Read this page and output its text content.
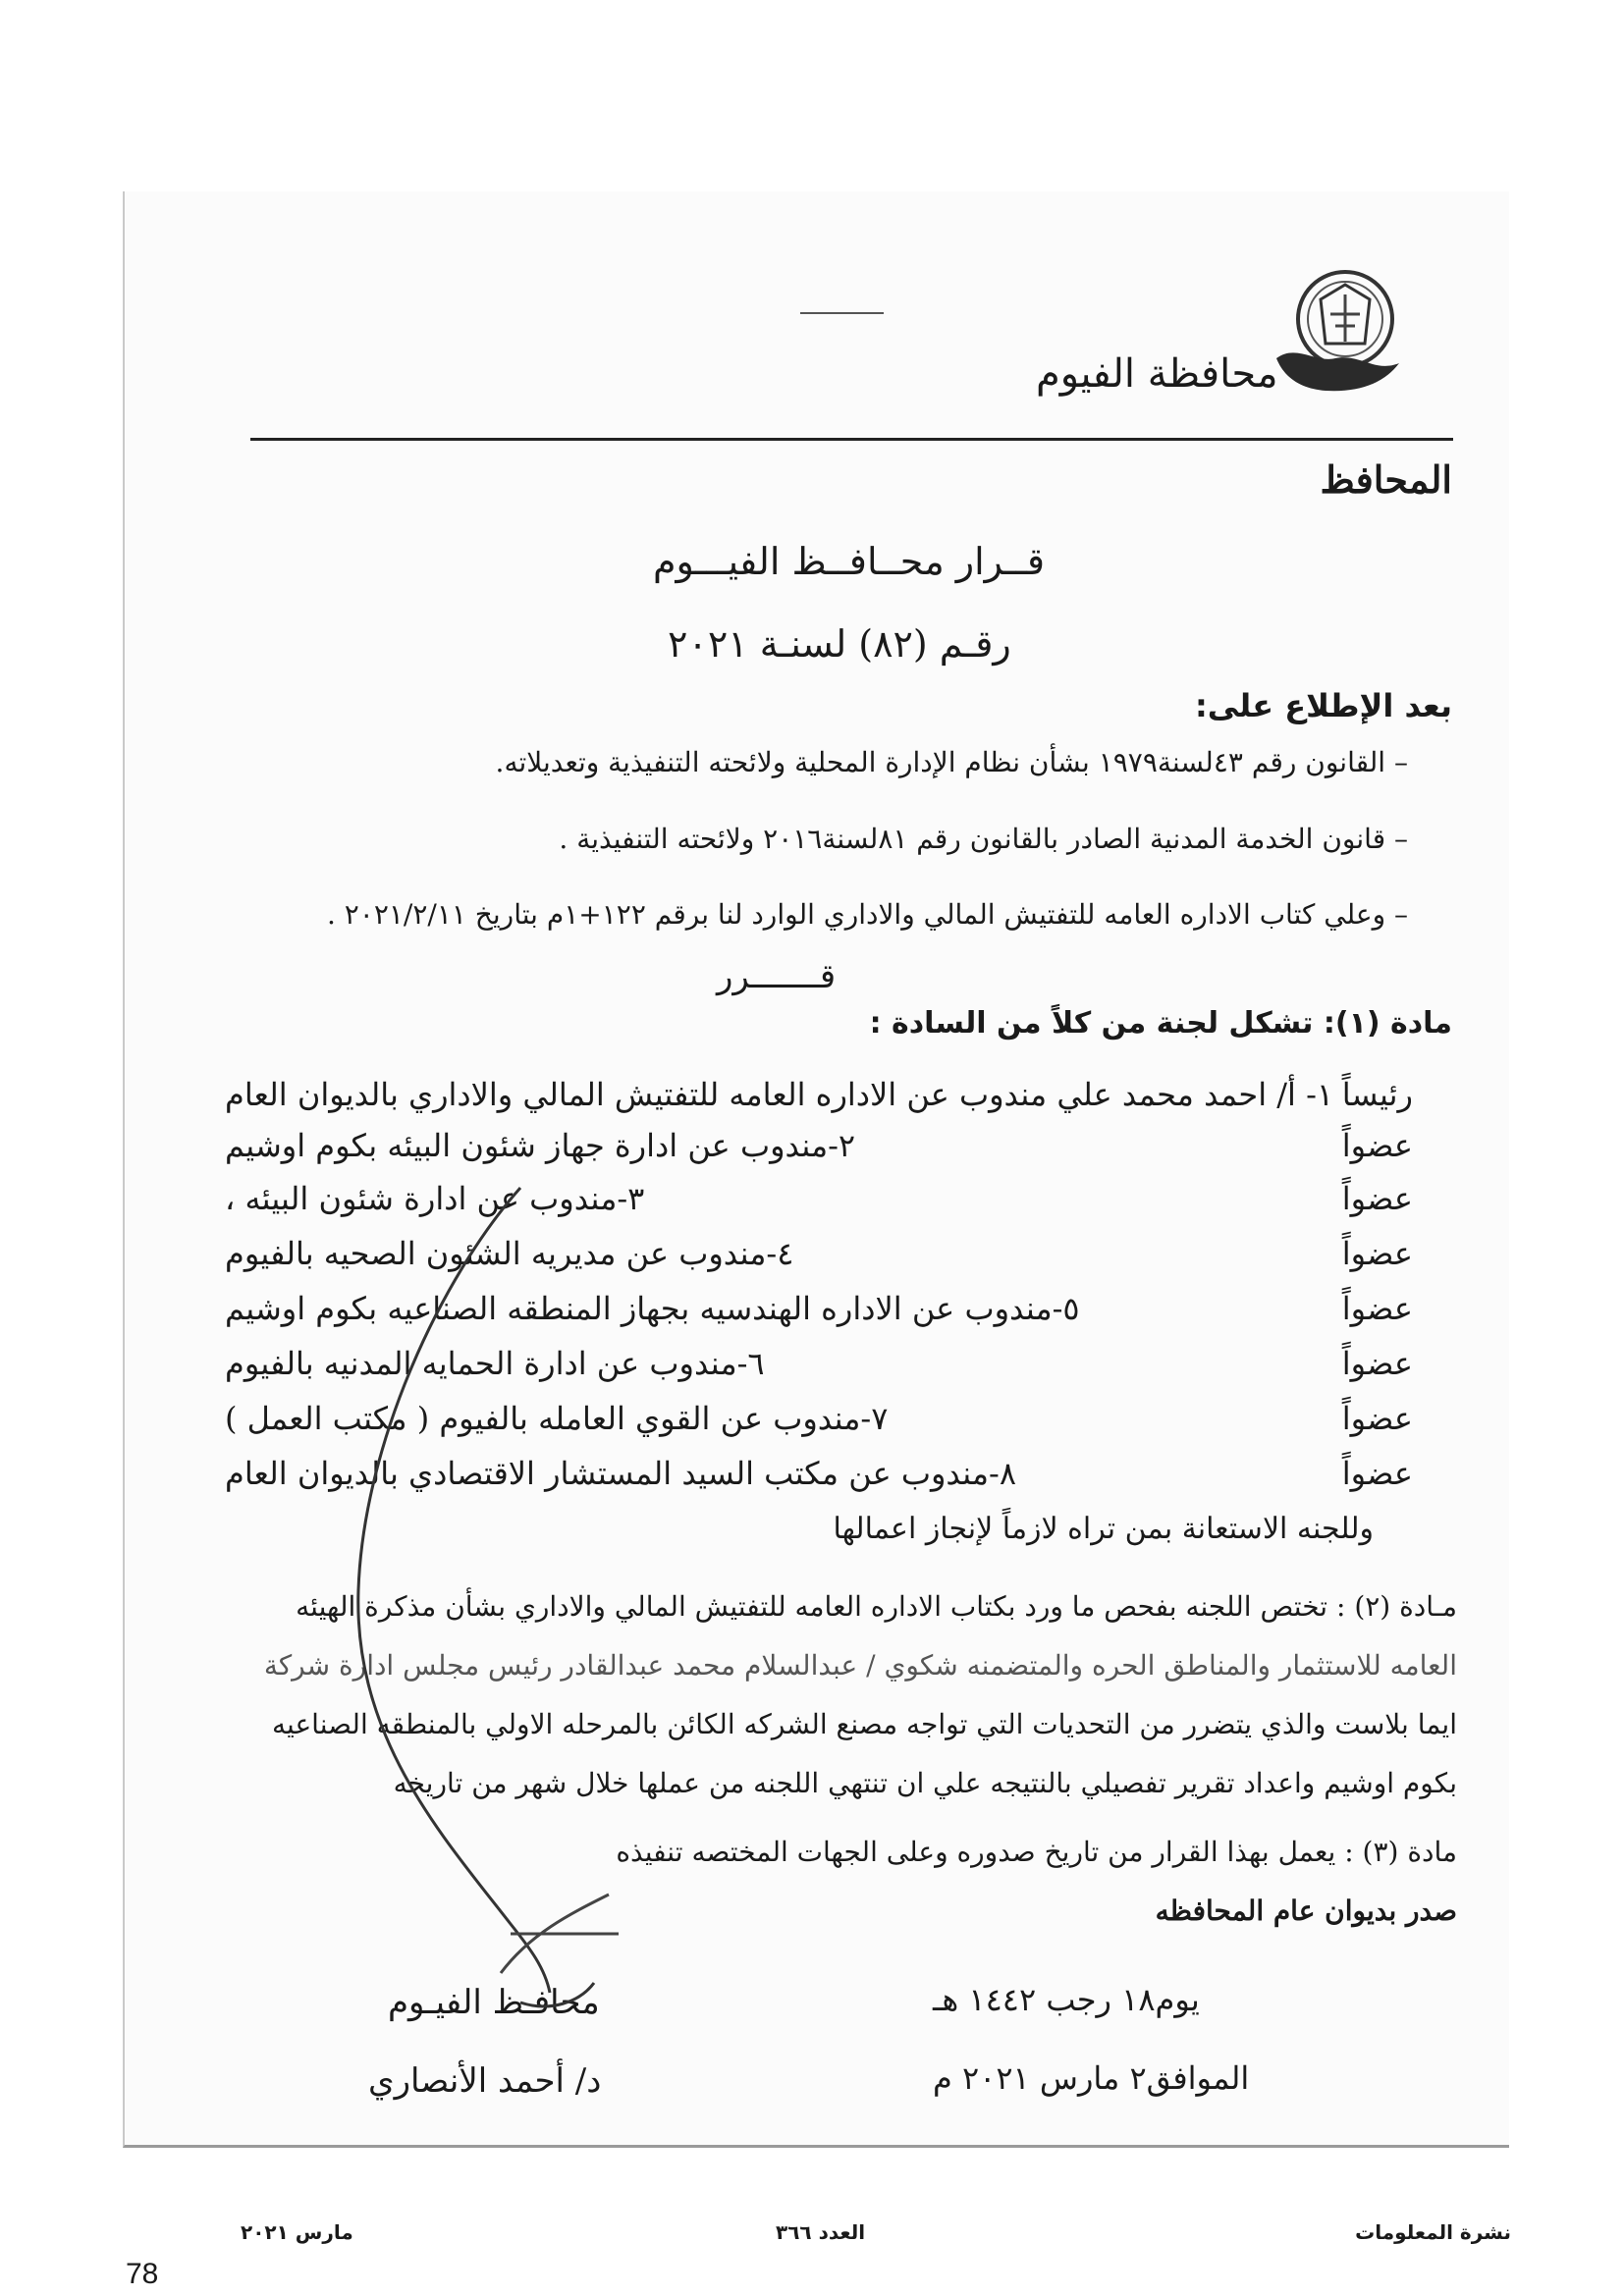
محافظة الفيوم
المحافظ
قــرار محــافــظ الفيـــوم
رقـم (٨٢) لسنـة ٢٠٢١
بعد الإطلاع على:
– القانون رقم ٤٣لسنة١٩٧٩ بشأن نظام الإدارة المحلية ولائحته التنفيذية وتعديلاته.
– قانون الخدمة المدنية الصادر بالقانون رقم ٨١لسنة٢٠١٦ ولائحته التنفيذية .
– وعلي كتاب الاداره العامه للتفتيش المالي والاداري الوارد لنا برقم ١٢٢+١م بتاريخ ٢٠٢١/٢/١١ .
قـــــــرر
مادة (١): تشكل لجنة من كلاً من السادة :
١- أ/ احمد محمد علي مندوب عن الاداره العامه للتفتيش المالي والاداري بالديوان العام رئيساً
٢-مندوب عن ادارة جهاز شئون البيئه بكوم اوشيم	عضواً
٣-مندوب عن ادارة شئون البيئه ،	عضواً
٤-مندوب عن مديريه الشئون الصحيه بالفيوم	عضواً
٥-مندوب عن الاداره الهندسيه بجهاز المنطقه الصناعيه بكوم اوشيم	عضواً
٦-مندوب عن ادارة الحمايه المدنيه بالفيوم	عضواً
٧-مندوب عن القوي العامله بالفيوم ( مكتب العمل )	عضواً
٨-مندوب عن مكتب السيد المستشار الاقتصادي بالديوان العام	عضواً
وللجنه الاستعانة بمن تراه لازماً لإنجاز اعمالها
مـادة (٢) : تختص اللجنه بفحص ما ورد بكتاب الاداره العامه للتفتيش المالي والاداري بشأن مذكرة الهيئه
العامه للاستثمار والمناطق الحره والمتضمنه شكوي / عبدالسلام محمد عبدالقادر رئيس مجلس ادارة شركة
ايما بلاست والذي يتضرر من التحديات التي تواجه مصنع الشركه الكائن بالمرحله الاولي بالمنطقه الصناعيه
بكوم اوشيم واعداد تقرير تفصيلي بالنتيجه علي ان تنتهي اللجنه من عملها خلال شهر من تاريخه
مادة (٣) : يعمل بهذا القرار من تاريخ صدوره وعلى الجهات المختصه تنفيذه
صدر بديوان عام المحافظه
يوم١٨ رجب ١٤٤٢ هـ
الموافق٢ مارس ٢٠٢١ م
محافـظ الفيـوم
د/ أحمد الأنصاري
نشرة المعلومات
العدد ٣٦٦
مارس ٢٠٢١
78
